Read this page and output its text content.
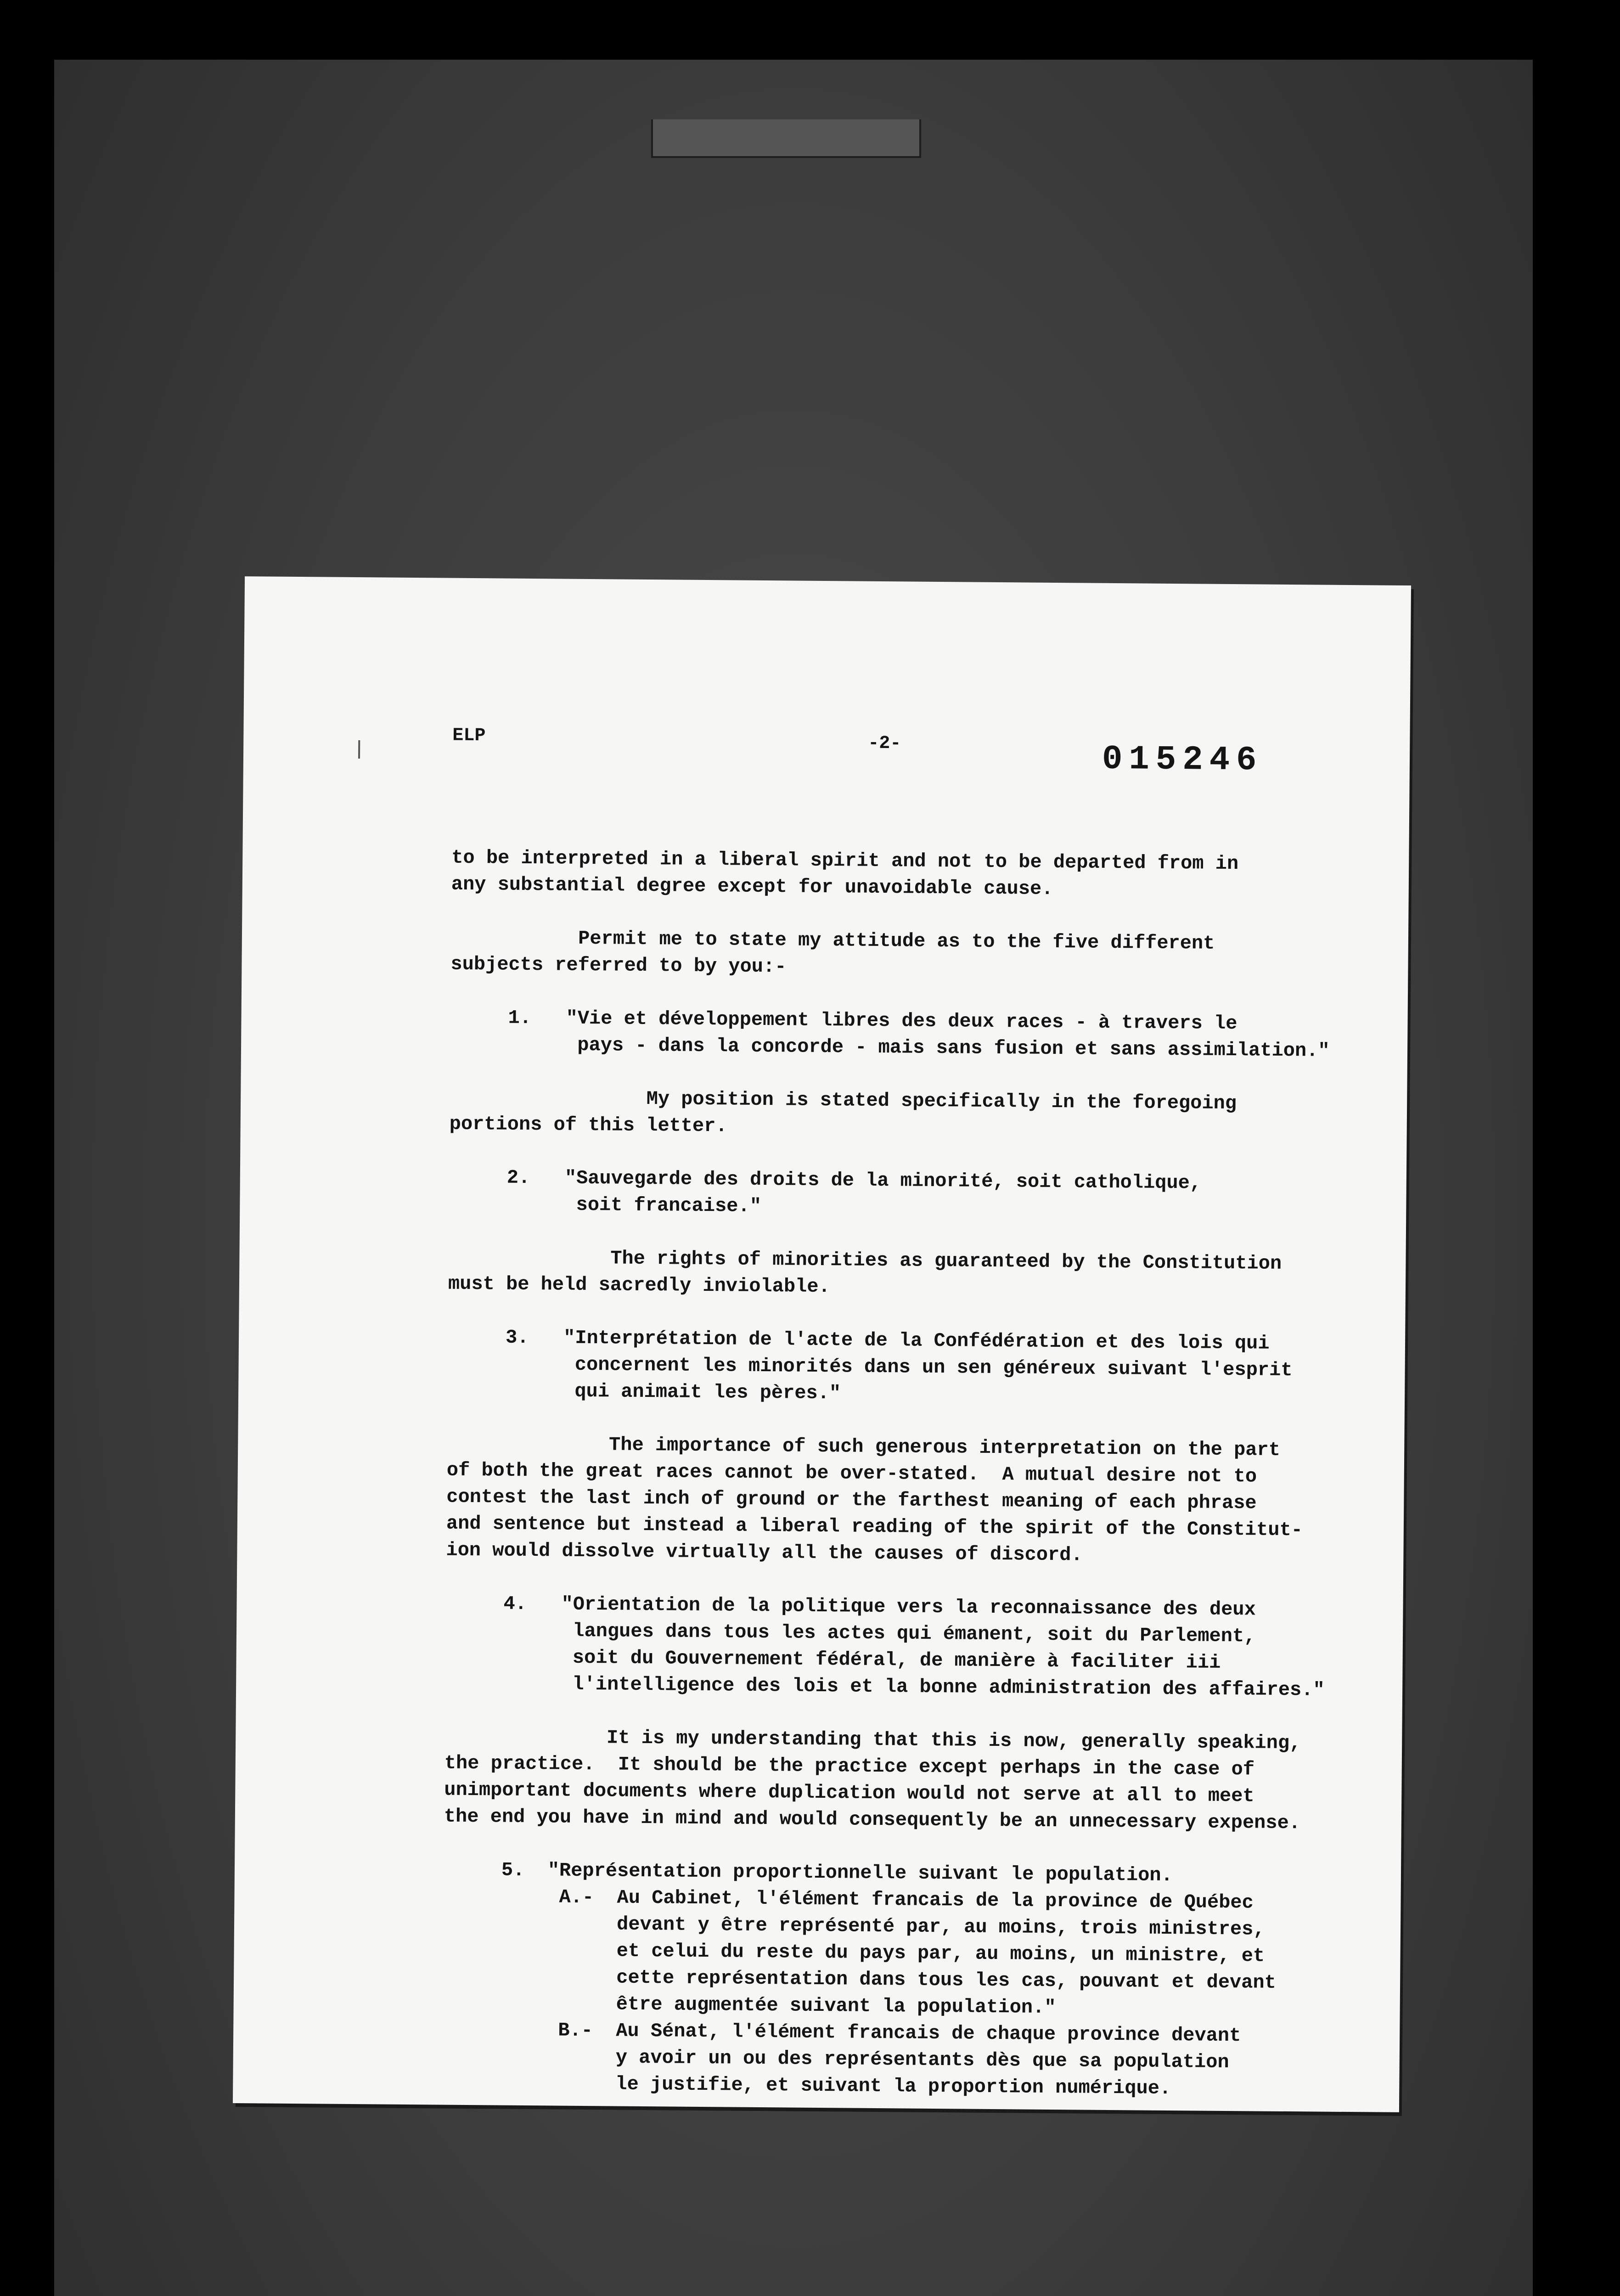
ELP	-2-	015246

to be interpreted in a liberal spirit and not to be departed from in

any substantial degree except for unavoidable cause.

Permit me to state my attitude as to the five different

subjects referred to by you:-

1.   "Vie et développement libres des deux races - à travers le

pays - dans la concorde - mais sans fusion et sans assimilation."

My position is stated specifically in the foregoing

portions of this letter.

2.   "Sauvegarde des droits de la minorité, soit catholique,

soit francaise."

The rights of minorities as guaranteed by the Constitution

must be held sacredly inviolable.

3.   "Interprétation de l'acte de la Confédération et des lois qui

concernent les minorités dans un sen généreux suivant l'esprit

qui animait les pères."

The importance of such generous interpretation on the part

of both the great races cannot be over-stated.  A mutual desire not to

contest the last inch of ground or the farthest meaning of each phrase

and sentence but instead a liberal reading of the spirit of the Constitut-

ion would dissolve virtually all the causes of discord.

4.   "Orientation de la politique vers la reconnaissance des deux

langues dans tous les actes qui émanent, soit du Parlement,

soit du Gouvernement fédéral, de manière à faciliter iii

l'intelligence des lois et la bonne administration des affaires."

It is my understanding that this is now, generally speaking,

the practice.  It should be the practice except perhaps in the case of

unimportant documents where duplication would not serve at all to meet

the end you have in mind and would consequently be an unnecessary expense.

5.  "Représentation proportionnelle suivant le population.

A.-  Au Cabinet, l'élément francais de la province de Québec

devant y être représenté par, au moins, trois ministres,

et celui du reste du pays par, au moins, un ministre, et

cette représentation dans tous les cas, pouvant et devant

être augmentée suivant la population."

B.-  Au Sénat, l'élément francais de chaque province devant

y avoir un ou des représentants dès que sa population

le justifie, et suivant la proportion numérique.
